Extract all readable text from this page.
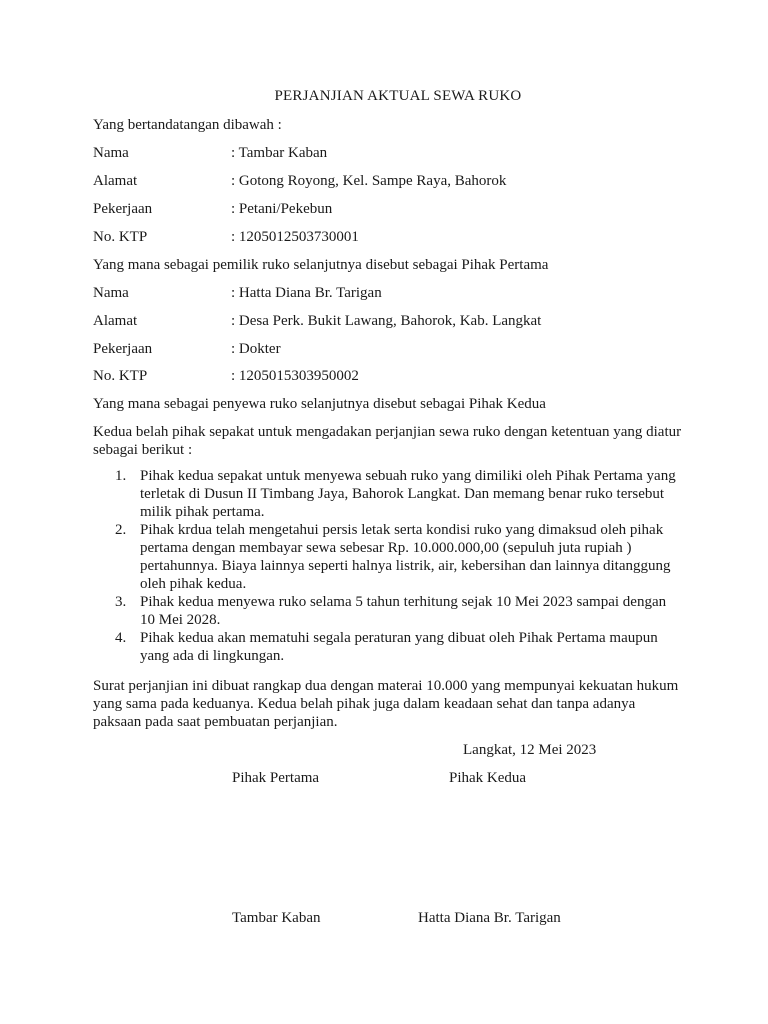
PERJANJIAN AKTUAL SEWA RUKO
Yang bertandatangan dibawah :
Nama	: Tambar Kaban
Alamat	: Gotong Royong, Kel. Sampe Raya, Bahorok
Pekerjaan	: Petani/Pekebun
No. KTP	: 1205012503730001
Yang mana sebagai pemilik ruko selanjutnya disebut sebagai Pihak Pertama
Nama	: Hatta Diana Br. Tarigan
Alamat	: Desa Perk. Bukit Lawang, Bahorok, Kab. Langkat
Pekerjaan	: Dokter
No. KTP	: 1205015303950002
Yang mana sebagai penyewa ruko selanjutnya disebut sebagai Pihak Kedua
Kedua belah pihak sepakat untuk mengadakan perjanjian sewa ruko dengan ketentuan yang diatur sebagai berikut :
1. Pihak kedua sepakat untuk menyewa sebuah ruko yang dimiliki oleh Pihak Pertama yang terletak di Dusun II Timbang Jaya, Bahorok Langkat. Dan memang benar ruko tersebut milik pihak pertama.
2. Pihak krdua telah mengetahui persis letak serta kondisi ruko yang dimaksud oleh pihak pertama dengan membayar sewa sebesar Rp. 10.000.000,00 (sepuluh juta rupiah ) pertahunnya. Biaya lainnya seperti halnya listrik, air, kebersihan dan lainnya ditanggung oleh pihak kedua.
3. Pihak kedua menyewa ruko selama 5 tahun terhitung sejak 10 Mei 2023 sampai dengan 10 Mei 2028.
4. Pihak kedua akan mematuhi segala peraturan yang dibuat oleh Pihak Pertama maupun yang ada di lingkungan.
Surat perjanjian ini dibuat rangkap dua dengan materai 10.000 yang mempunyai kekuatan hukum yang sama pada keduanya. Kedua belah pihak juga dalam keadaan sehat dan tanpa adanya paksaan pada saat pembuatan perjanjian.
Langkat, 12 Mei 2023
Pihak Pertama	Pihak Kedua
Tambar Kaban	Hatta Diana Br. Tarigan
